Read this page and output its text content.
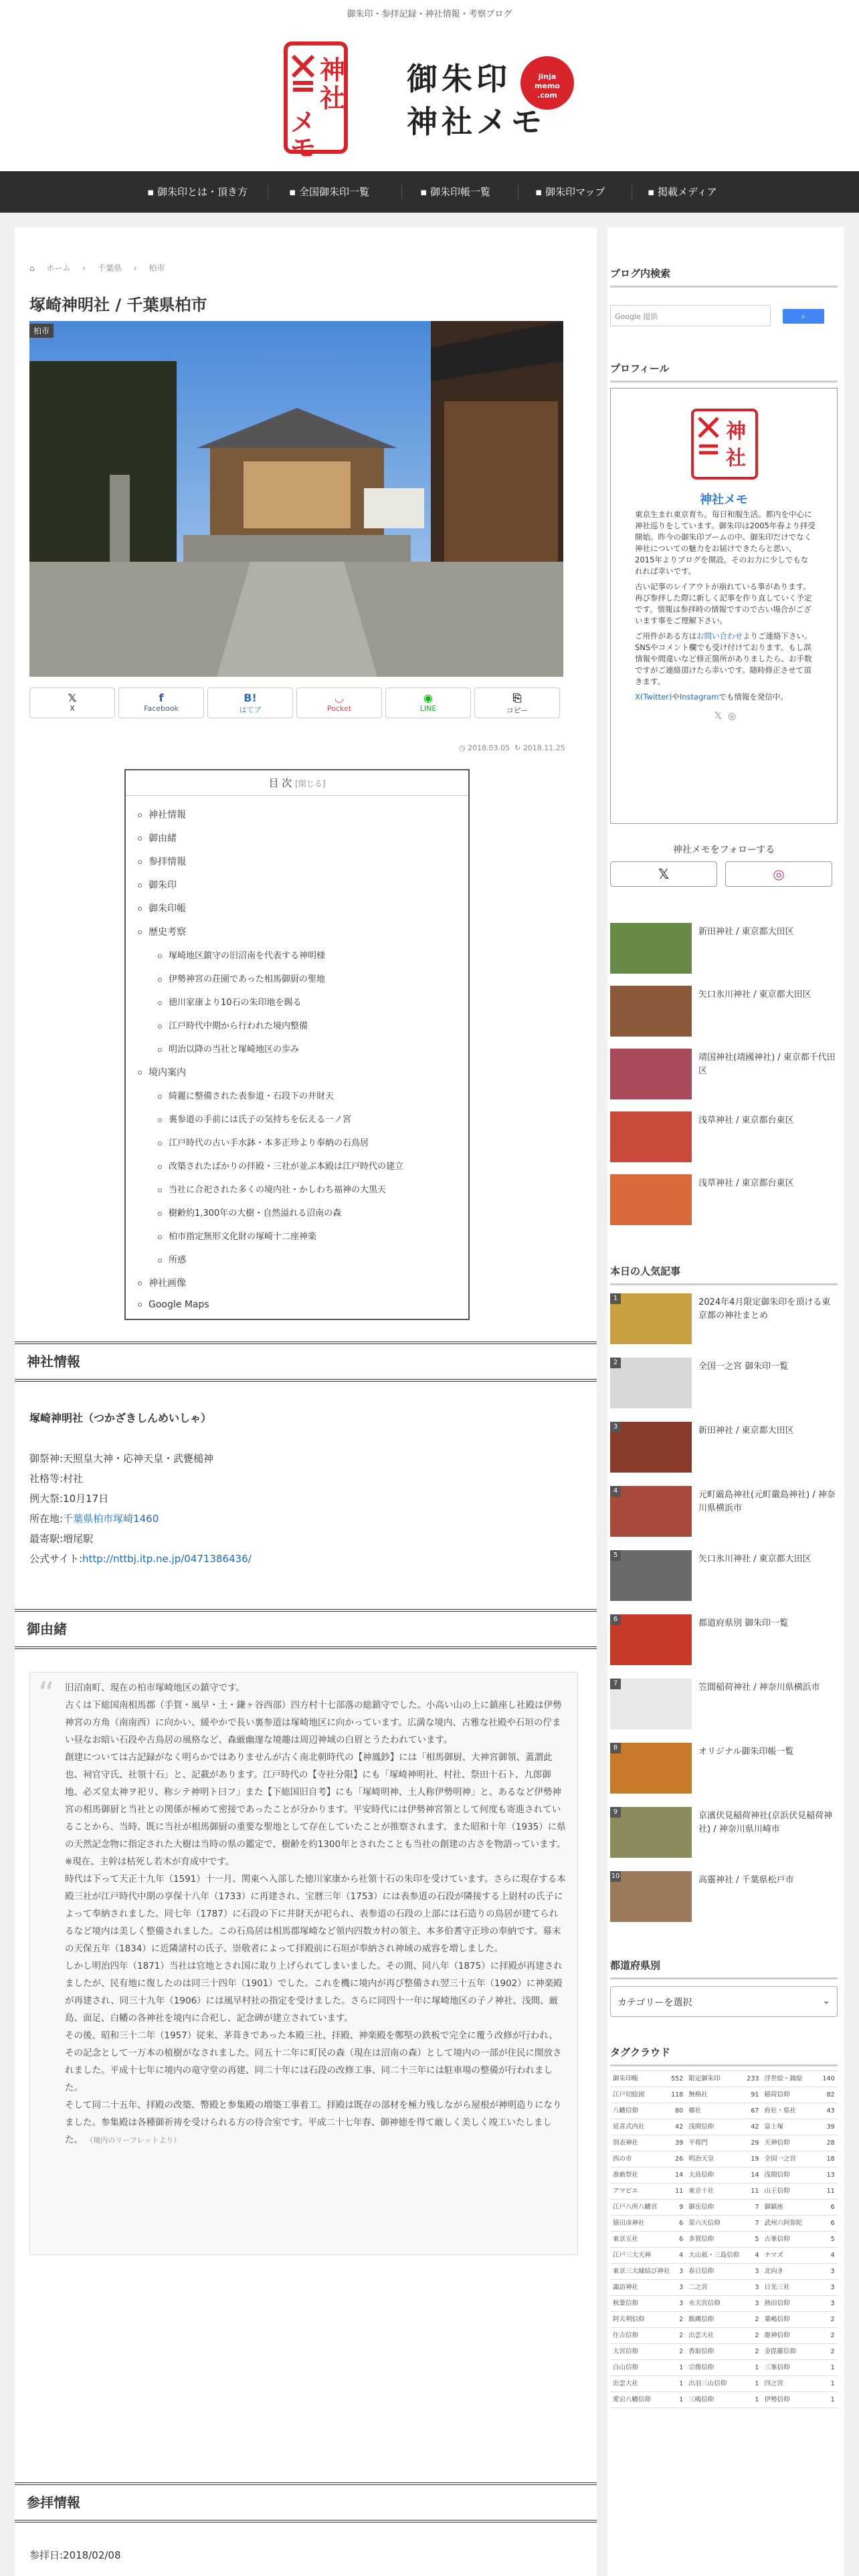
御朱印・参拝記録・神社情報・考察ブログ
神
社
メ
モ
御朱印
神社メモ
jinja
memo
.com
▪ 御朱印とは・頂き方	▪ 全国御朱印一覧	▪ 御朱印帳一覧	▪ 御朱印マップ	▪ 掲載メディア
⌂ ホーム › 千葉県 › 柏市
塚崎神明社 / 千葉県柏市
柏市
𝕏
X
f
Facebook
B!
はてブ
◡
Pocket
◉
LINE
⎘
コピー
◷ 2018.03.05 ↻ 2018.11.25
目 次 [閉じる]
神社情報
御由緒
参拝情報
御朱印
御朱印帳
歴史考察
塚崎地区鎮守の旧沼南を代表する神明様
伊勢神宮の荘園であった相馬御厨の聖地
徳川家康より10石の朱印地を賜る
江戸時代中期から行われた境内整備
明治以降の当社と塚崎地区の歩み
境内案内
綺麗に整備された表参道・石段下の井財天
裏参道の手前には氏子の気持ちを伝える一ノ宮
江戸時代の古い手水鉢・本多正珍より奉納の石鳥居
改築されたばかりの拝殿・三社が並ぶ本殿は江戸時代の建立
当社に合祀された多くの境内社・かしわち福神の大黒天
樹齢約1,300年の大樹・自然溢れる沼南の森
柏市指定無形文化財の塚崎十二座神楽
所感
神社画像
Google Maps
神社情報
塚崎神明社（つかざきしんめいしゃ）
御祭神:天照皇大神・応神天皇・武甕槌神
社格等:村社
例大祭:10月17日
所在地:千葉県柏市塚崎1460
最寄駅:増尾駅
公式サイト:http://nttbj.itp.ne.jp/0471386436/
御由緒
“ 旧沼南町、現在の柏市塚崎地区の鎮守です。

古くは下総国南相馬郡（手賀・風早・土・鎌ヶ谷西部）四方村十七部落の総鎮守でした。小高い山の上に鎮座し社殿は伊勢神宮の方角（南南西）に向かい、緩やかで長い裏参道は塚崎地区に向かっています。広満な境内、古雅な社殿や石垣の佇まい昼なお暗い石段や古鳥居の風格など、森厳幽邃な境趣は周辺神域の白眉とうたわれています。

創建については古記録がなく明らかではありませんが古く南北朝時代の【神鳳鈔】には「相馬御厨、大神宮御領、蓋謂此也、祠官守氏、社領十石」と、記載があります。江戸時代の【寺社分限】にも「塚崎神明社、村社、祭田十石ト、九郎御地、必ズ皇太神ヲ祀リ、称シテ神明ト曰フ」また【下総国旧自考】にも「塚崎明神、土人称伊勢明神」と、あるなど伊勢神宮の相馬御厨と当社との関係が極めて密接であったことが分かります。平安時代には伊勢神宮領として何度も寄進されていることから、当時、既に当社が相馬御厨の重要な聖地として存在していたことが推察されます。また昭和十年（1935）に県の天然記念物に指定された大樹は当時の県の鑑定で、樹齢を約1300年とされたことも当社の創建の古さを物語っています。※現在、主幹は枯死し若木が育成中です。

時代は下って天正十九年（1591）十一月、関東へ入部した徳川家康から社領十石の朱印を受けています。さらに現存する本殿三社が江戸時代中期の享保十八年（1733）に再建され、宝暦三年（1753）には表参道の石段が隣接する上尉村の氏子によって奉納されました。同七年（1787）に石段の下に井財天が祀られ、表参道の石段の上部には石造りの鳥居が建てられるなど境内は美しく整備されました。この石鳥居は相馬郡塚崎など領内四数カ村の領主、本多伯耆守正珍の奉納です。幕末の天保五年（1834）に近隣諸村の氏子、崇敬者によって拝殿前に石垣が奉納され神域の威容を増しました。

しかし明治四年（1871）当社は官地とされ国に取り上げられてしまいました。その間、同八年（1875）に拝殿が再建されましたが、民有地に復したのは同三十四年（1901）でした。これを機に境内が再び整備され翌三十五年（1902）に神楽殿が再建され、同三十九年（1906）には風早村社の指定を受けました。さらに同四十一年に塚崎地区の子ノ神社、浅間、厳島、面足、白幡の各神社を境内に合祀し、記念碑が建立されています。

その後、昭和三十二年（1957）従来、茅葺きであった本殿三社、拝殿、神楽殿を鄭堅の鉄板で完全に覆う改修が行われ、その記念として一万本の植樹がなされました。同五十二年に町民の森（現在は沼南の森）として境内の一部が住民に開放されました。平成十七年に境内の竜守堂の再建、同二十年には石段の改修工事、同二十三年には駐車場の整備が行われました。

そして同二十五年、拝殿の改築、幣殿と参集殿の増築工事着工。拝殿は既存の部材を極力残しながら屋根が神明造りになりました。参集殿は各種御祈祷を受けられる方の待合室です。平成二十七年春、御神徳を得て厳しく美しく竣工いたしました。 （境内のリーフレットより）

参拝情報
参拝日:2018/02/08
ブログ内検索
Google 提供	⌕
プロフィール
神
社
神社メモ

東京生まれ東京育ち。毎日和服生活。都内を中心に神社巡りをしています。御朱印は2005年春より拝受開始。昨今の御朱印ブームの中、御朱印だけでなく神社についての魅力をお届けできたらと思い、2015年よりブログを開設。そのお力に少しでもなれれば幸いです。

古い記事のレイアウトが崩れている事があります。再び参拝した際に新しく記事を作り直していく予定です。情報は参拝時の情報ですので古い場合がございます事をご理解下さい。

ご用件がある方はお問い合わせよりご連絡下さい。SNSやコメント欄でも受け付けております。もし誤情報や間違いなど修正箇所がありましたら、お手数ですがご連絡頂けたら幸いです。随時修正させて頂きます。

X(Twitter)やInstagramでも情報を発信中。

𝕏 ◎
神社メモをフォローする
𝕏	◎
本日の人気記事
都道府県別
カテゴリーを選択	⌄
タグクラウド
御朱印帳	552 限定御朱印	233 浮世絵・錦絵	140
江戸切絵図	118 無格社	91 稲荷信仰	82
八幡信仰	80 郷社	67 府社・県社	43
延喜式内社	42 浅間信仰	42 富士塚	39
別表神社	39 平将門	29 天神信仰	28
西の市	26 明治天皇	19 全国一之宮	18
准勅祭社	14 大鳥信仰	14 浅間信仰	13
アマビエ	11 東京十社	11 山王信仰	11
江戸八所八幡宮	9 御岳信仰	7 御鎮座	6
猿田彦神社	6 第六天信仰	7 武州六阿弥陀	6
東京五社	6 多賀信仰	5 古峯信仰	5
江戸三大天神	4 大山祇・三島信仰 4 ナマズ	4
東京三大縁結び神社 3 春日信仰	3 北向き	3
諏訪神社	3 二之宮	3 日光三社	3
秋葉信仰	3 水天宮信仰	3 熱田信仰	3
阿夫利信仰	2 飯縄信仰	2 粟嶋信仰	2
住吉信仰	2 出雲大社	2 龍神信仰	2
大宮信仰	2 香取信仰	2 金毘羅信仰	2
白山信仰	1 宗像信仰	1 三峯信仰	1
出雲大社	1 出羽三山信仰	1 四之宮	1
愛宕八幡信仰	1 三嶋信仰	1 伊勢信仰	1
新田神社 / 東京都大田区
矢口氷川神社 / 東京都大田区
靖国神社(靖國神社) / 東京都千代田区
浅草神社 / 東京都台東区
浅草神社 / 東京都台東区
1	2024年4月限定御朱印を頂ける東京都の神社まとめ
2	全国一之宮 御朱印一覧
3	新田神社 / 東京都大田区
4	元町厳島神社(元町嚴島神社) / 神奈川県横浜市
5	矢口氷川神社 / 東京都大田区
6	都道府県別 御朱印一覧
7	笠間稲荷神社 / 神奈川県横浜市
8	オリジナル御朱印帳一覧
9	京濱伏見稲荷神社(京浜伏見稲荷神社) / 神奈川県川崎市
10	高靈神社 / 千葉県松戸市
